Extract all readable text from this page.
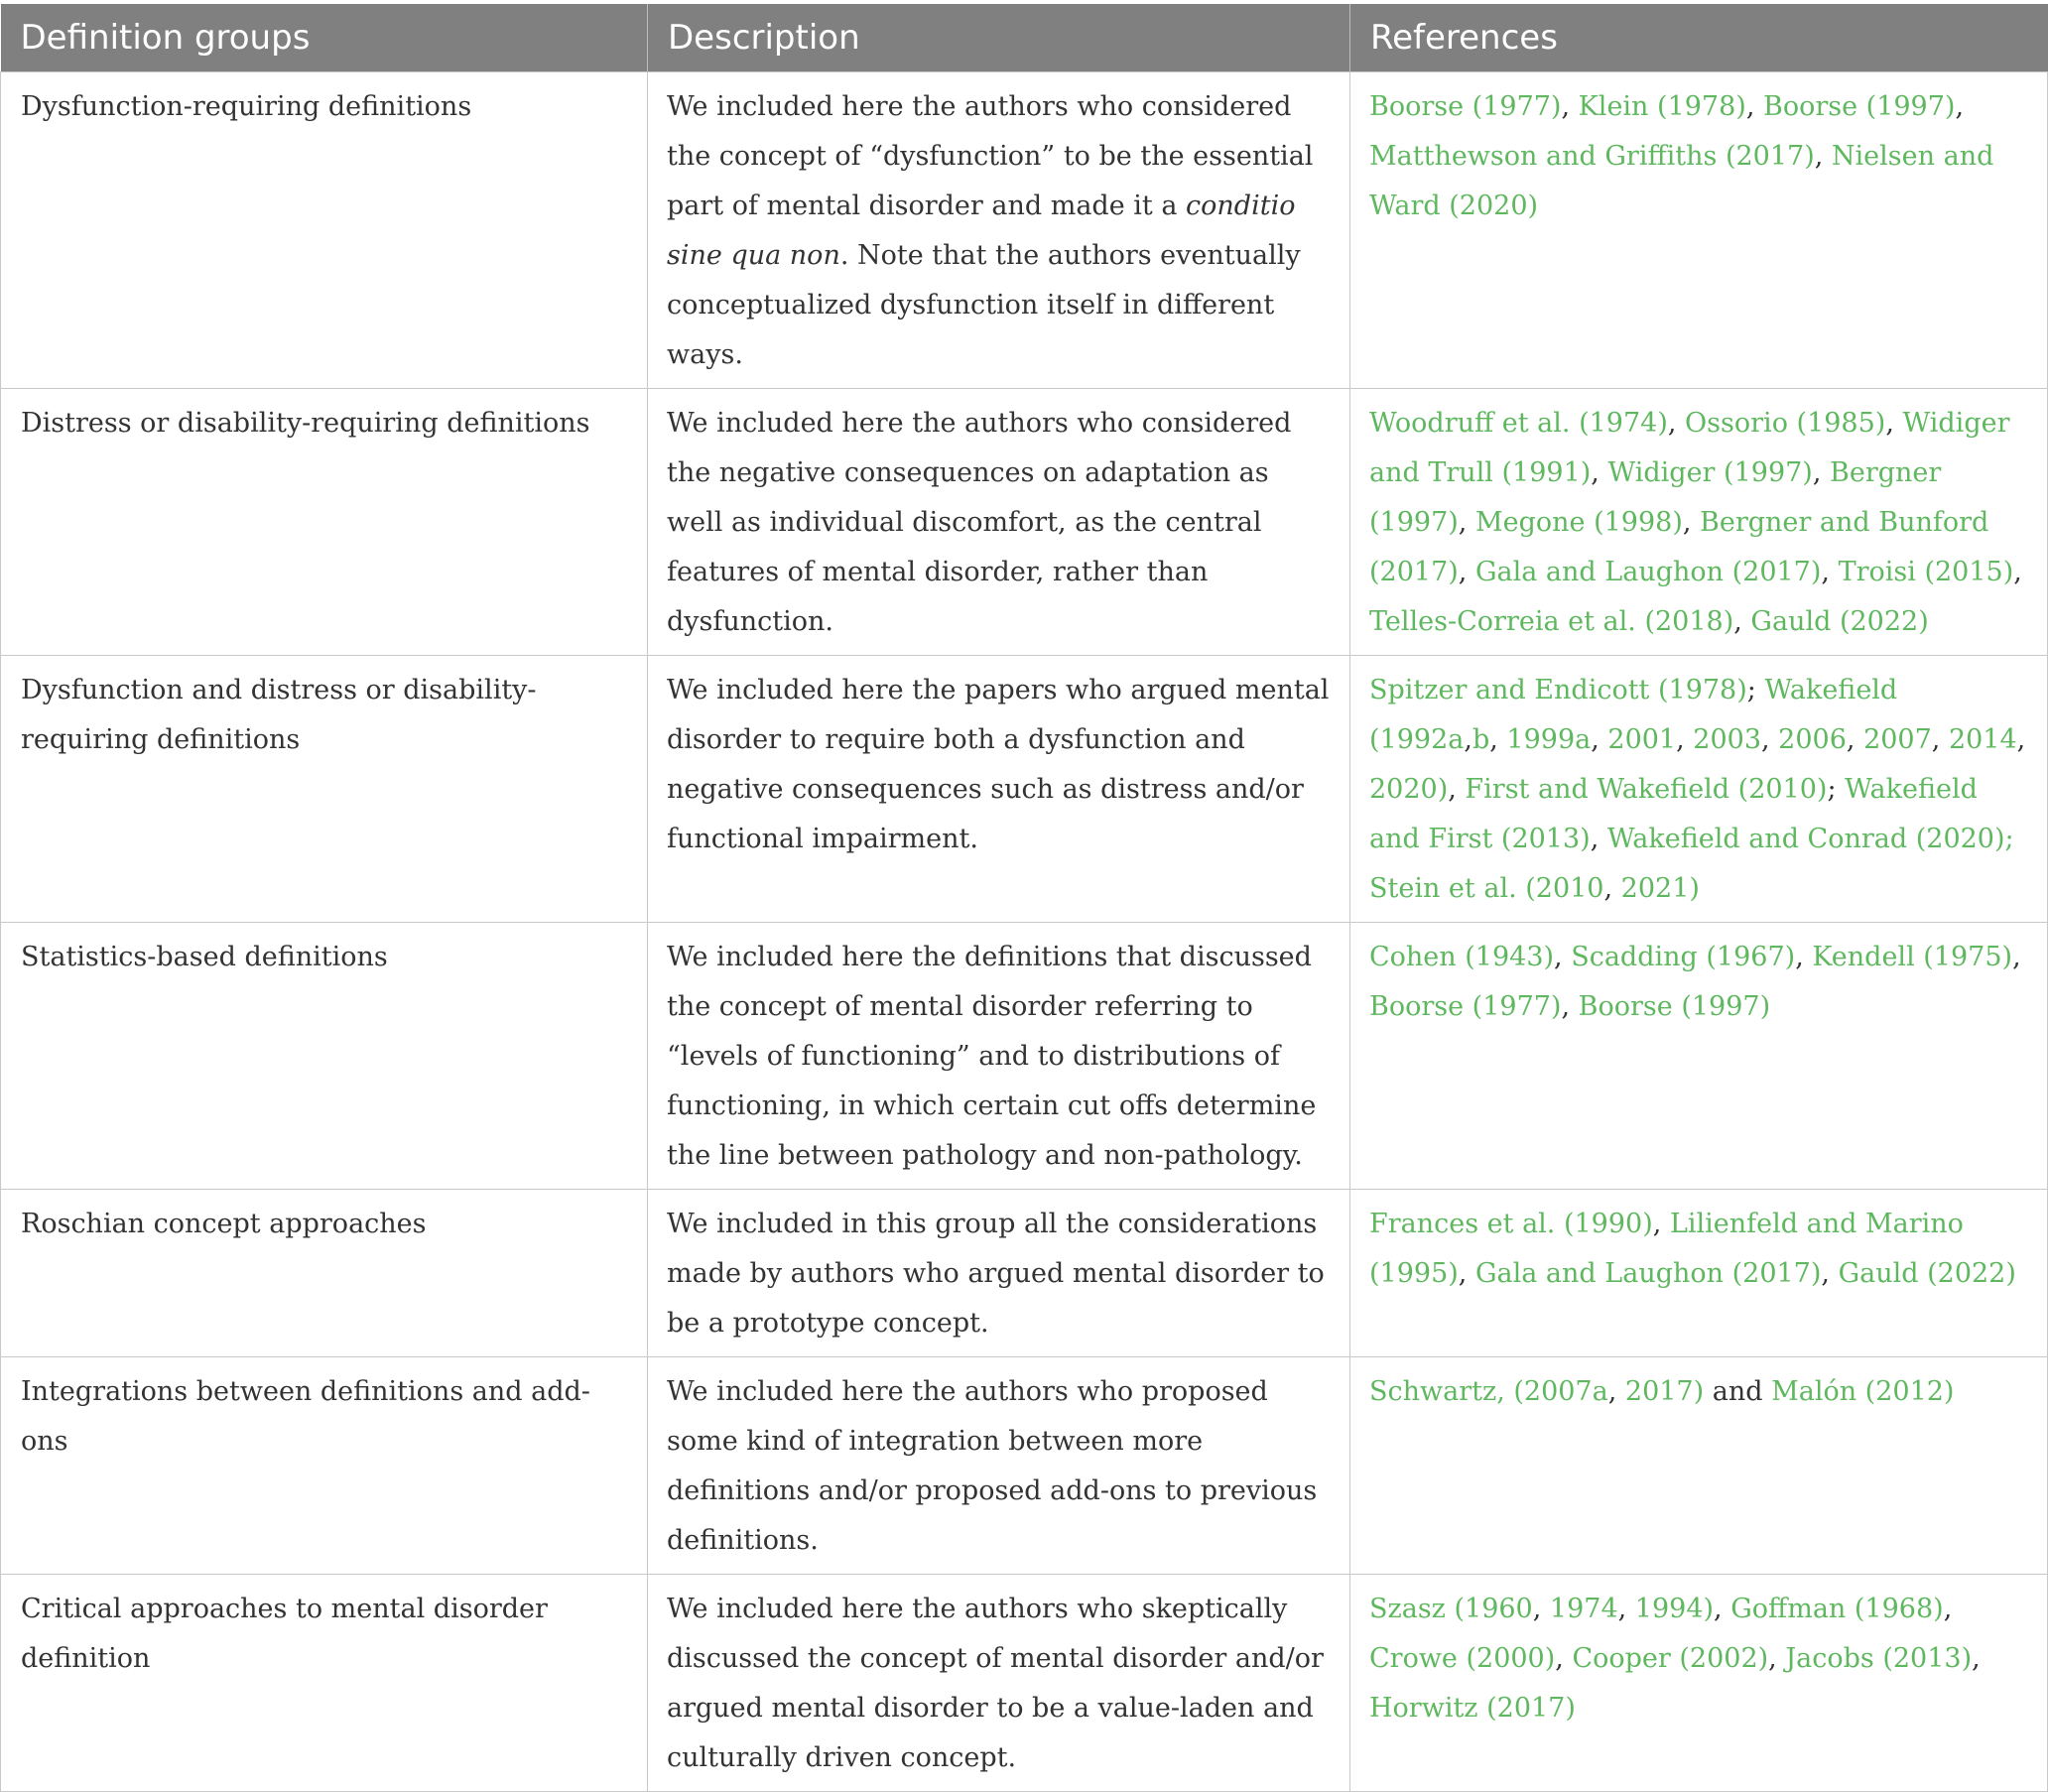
Definition groups	Description	References
Dysfunction-requiring definitions	We included here the authors who considered the concept of “dysfunction” to be the essential part of mental disorder and made it a conditio sine qua non. Note that the authors eventually conceptualized dysfunction itself in different ways.	Boorse (1977), Klein (1978), Boorse (1997), Matthewson and Griffiths (2017), Nielsen and Ward (2020)
Distress or disability-requiring definitions	We included here the authors who considered the negative consequences on adaptation as well as individual discomfort, as the central features of mental disorder, rather than dysfunction.	Woodruff et al. (1974), Ossorio (1985), Widiger and Trull (1991), Widiger (1997), Bergner (1997), Megone (1998), Bergner and Bunford (2017), Gala and Laughon (2017), Troisi (2015), Telles-Correia et al. (2018), Gauld (2022)
Dysfunction and distress or disability-requiring definitions	We included here the papers who argued mental disorder to require both a dysfunction and negative consequences such as distress and/or functional impairment.	Spitzer and Endicott (1978); Wakefield (1992a,b, 1999a, 2001, 2003, 2006, 2007, 2014, 2020), First and Wakefield (2010); Wakefield and First (2013), Wakefield and Conrad (2020); Stein et al. (2010, 2021)
Statistics-based definitions	We included here the definitions that discussed the concept of mental disorder referring to “levels of functioning” and to distributions of functioning, in which certain cut offs determine the line between pathology and non-pathology.	Cohen (1943), Scadding (1967), Kendell (1975), Boorse (1977), Boorse (1997)
Roschian concept approaches	We included in this group all the considerations made by authors who argued mental disorder to be a prototype concept.	Frances et al. (1990), Lilienfeld and Marino (1995), Gala and Laughon (2017), Gauld (2022)
Integrations between definitions and add-ons	We included here the authors who proposed some kind of integration between more definitions and/or proposed add-ons to previous definitions.	Schwartz, (2007a, 2017) and Malón (2012)
Critical approaches to mental disorder definition	We included here the authors who skeptically discussed the concept of mental disorder and/or argued mental disorder to be a value-laden and culturally driven concept.	Szasz (1960, 1974, 1994), Goffman (1968), Crowe (2000), Cooper (2002), Jacobs (2013), Horwitz (2017)
